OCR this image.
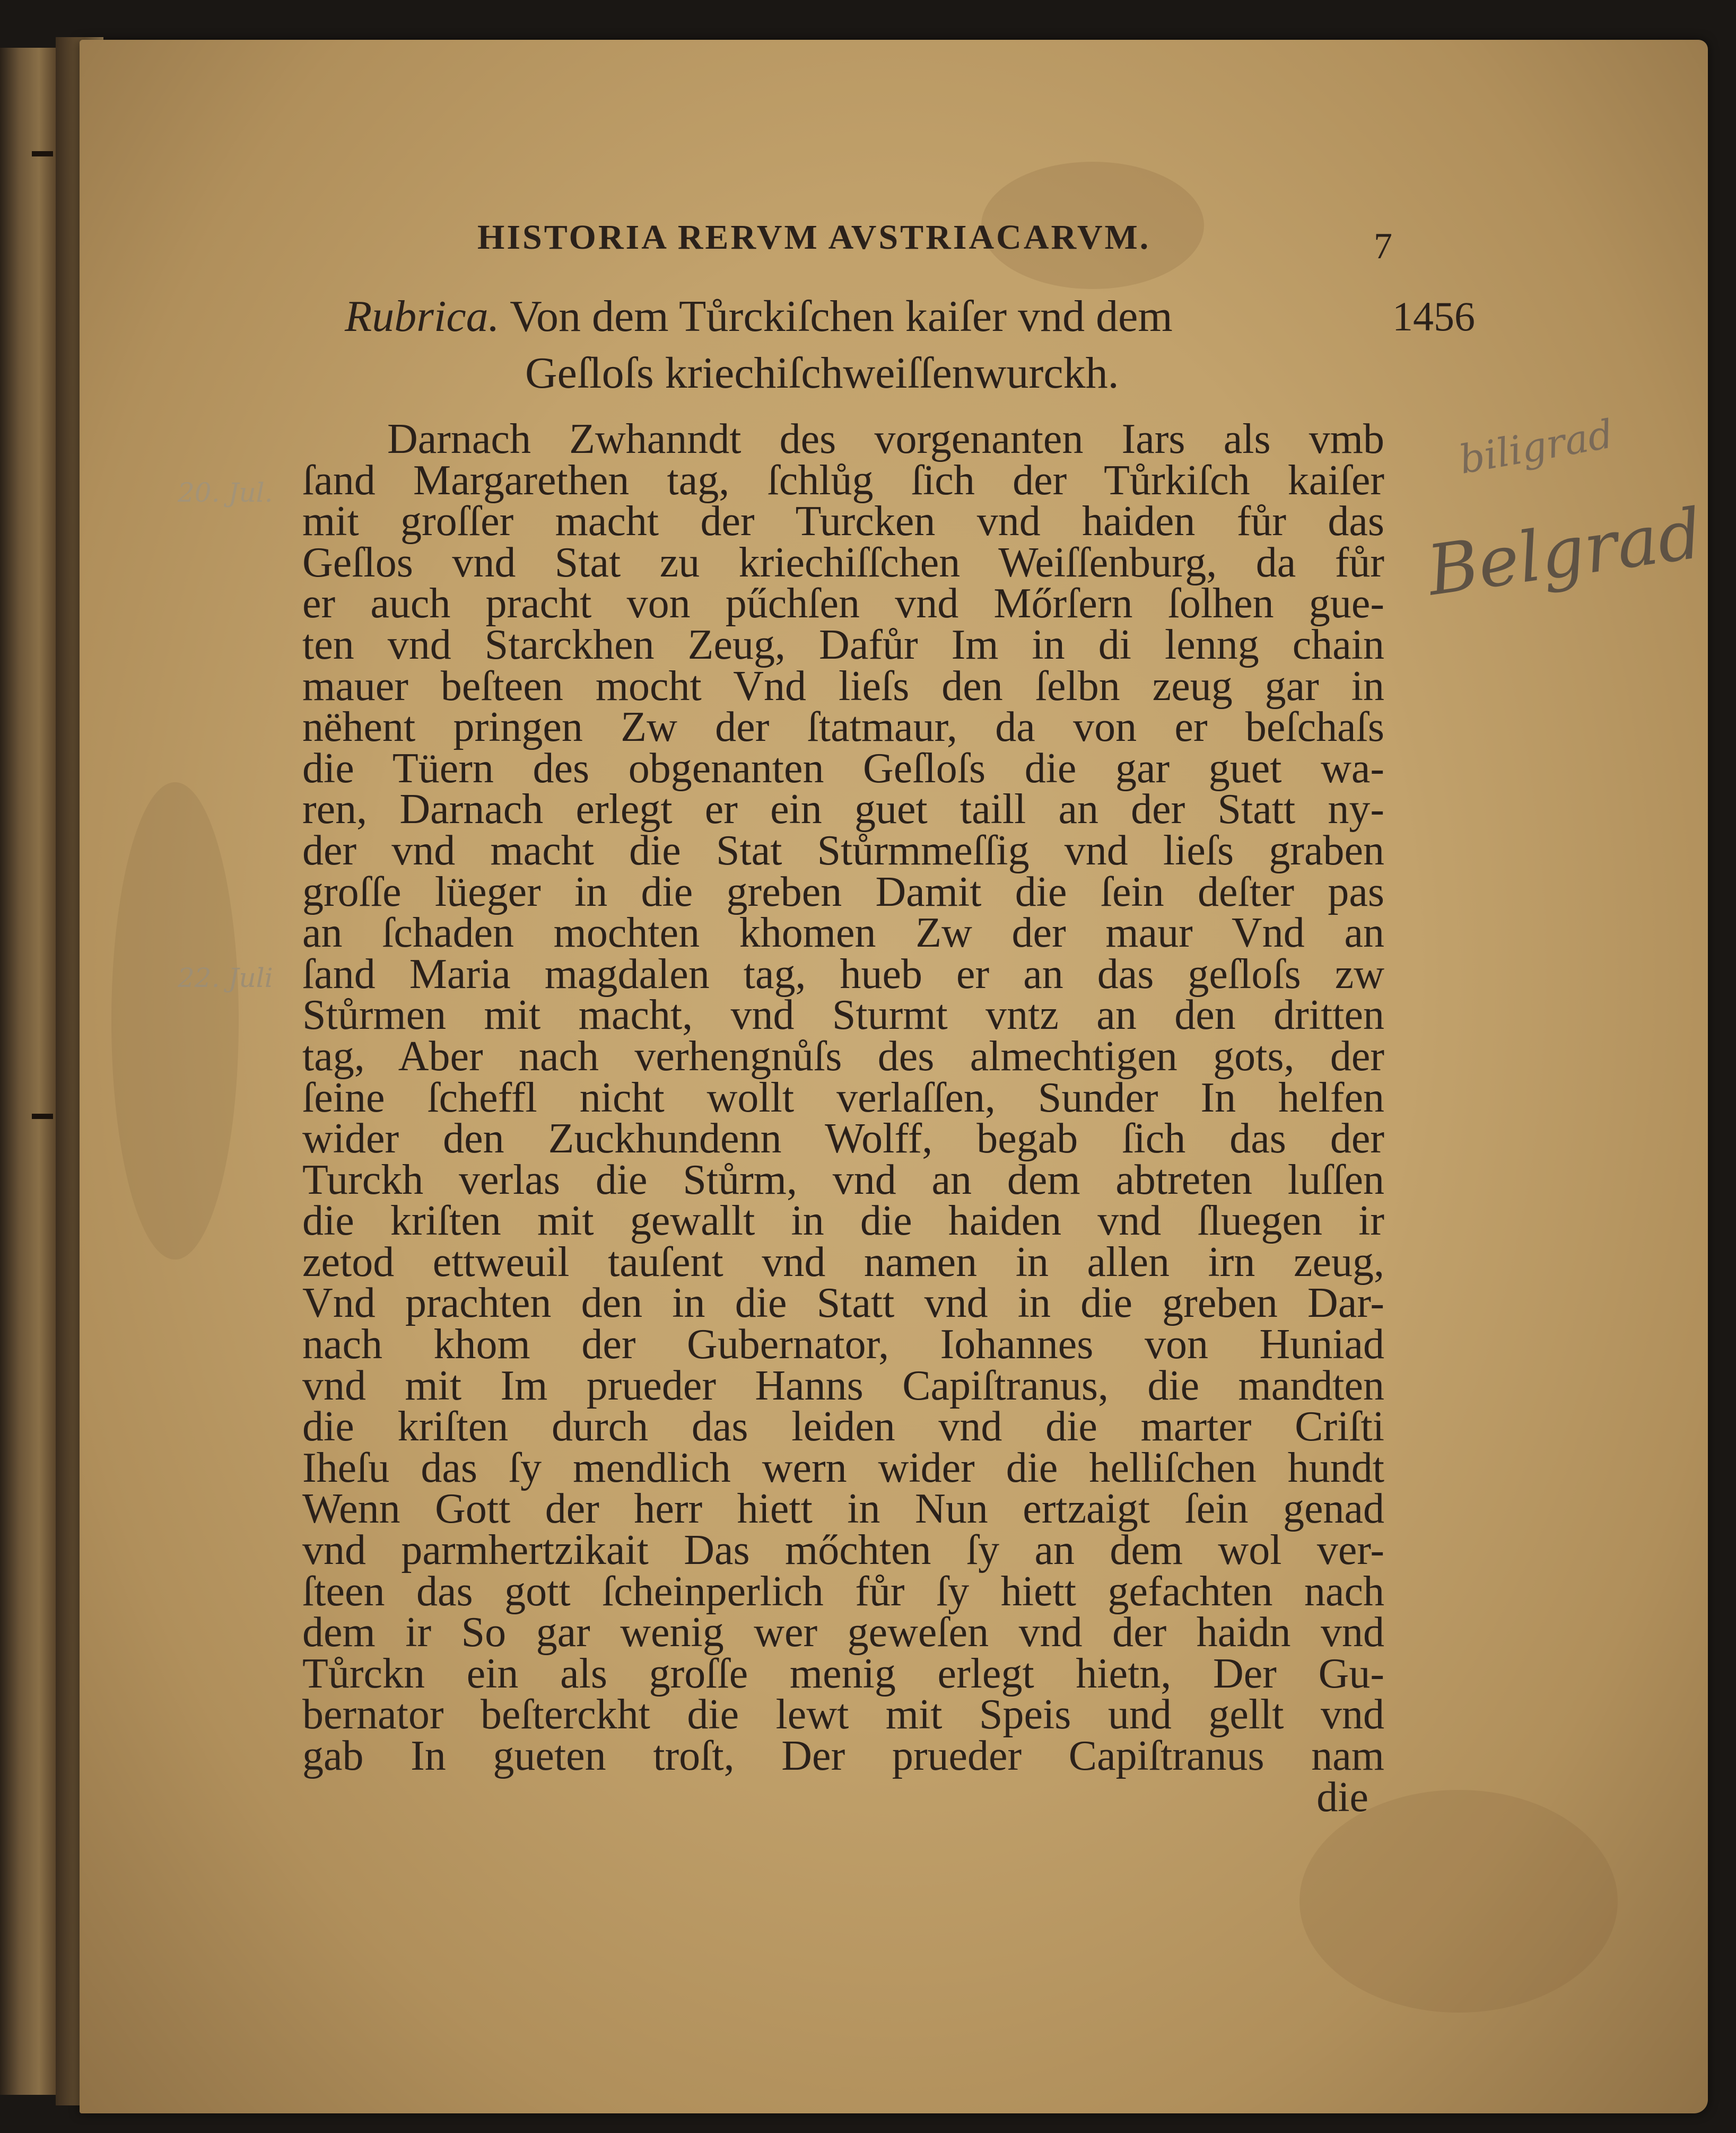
HISTORIA RERVM AVSTRIACARVM.	7
Rubrica. Von dem Tůrckiſchen kaiſer vnd dem
Geſloſs kriechiſchweiſſenwurckh.
1456
biligrad
Belgrad
20. Jul.
22. Juli
Darnach Zwhanndt des vorgenanten Iars als vmb
ſand Margarethen tag, ſchlůg ſich der Tůrkiſch kaiſer
mit groſſer macht der Turcken vnd haiden fůr das
Geſlos vnd Stat zu kriechiſſchen Weiſſenburg, da fůr
er auch pracht von pűchſen vnd Mőrſern ſolhen gue-
ten vnd Starckhen Zeug, Dafůr Im in di lenng chain
mauer beſteen mocht Vnd lieſs den ſelbn zeug gar in
nëhent pringen Zw der ſtatmaur, da von er beſchaſs
die Tüern des obgenanten Geſloſs die gar guet wa-
ren, Darnach erlegt er ein guet taill an der Statt ny-
der vnd macht die Stat Stůrmmeſſig vnd lieſs graben
groſſe lüeger in die greben Damit die ſein deſter pas
an ſchaden mochten khomen Zw der maur Vnd an
ſand Maria magdalen tag, hueb er an das geſloſs zw
Stůrmen mit macht, vnd Sturmt vntz an den dritten
tag, Aber nach verhengnůſs des almechtigen gots, der
ſeine ſcheffl nicht wollt verlaſſen, Sunder In helfen
wider den Zuckhundenn Wolff, begab ſich das der
Turckh verlas die Stůrm, vnd an dem abtreten luſſen
die kriſten mit gewallt in die haiden vnd ſluegen ir
zetod ettweuil tauſent vnd namen in allen irn zeug,
Vnd prachten den in die Statt vnd in die greben Dar-
nach khom der Gubernator, Iohannes von Huniad
vnd mit Im prueder Hanns Capiſtranus, die mandten
die kriſten durch das leiden vnd die marter Criſti
Iheſu das ſy mendlich wern wider die helliſchen hundt
Wenn Gott der herr hiett in Nun ertzaigt ſein genad
vnd parmhertzikait Das mőchten ſy an dem wol ver-
ſteen das gott ſcheinperlich fůr ſy hiett gefachten nach
dem ir So gar wenig wer geweſen vnd der haidn vnd
Tůrckn ein als groſſe menig erlegt hietn, Der Gu-
bernator beſterckht die lewt mit Speis und gellt vnd
gab In gueten troſt, Der prueder Capiſtranus nam
die
